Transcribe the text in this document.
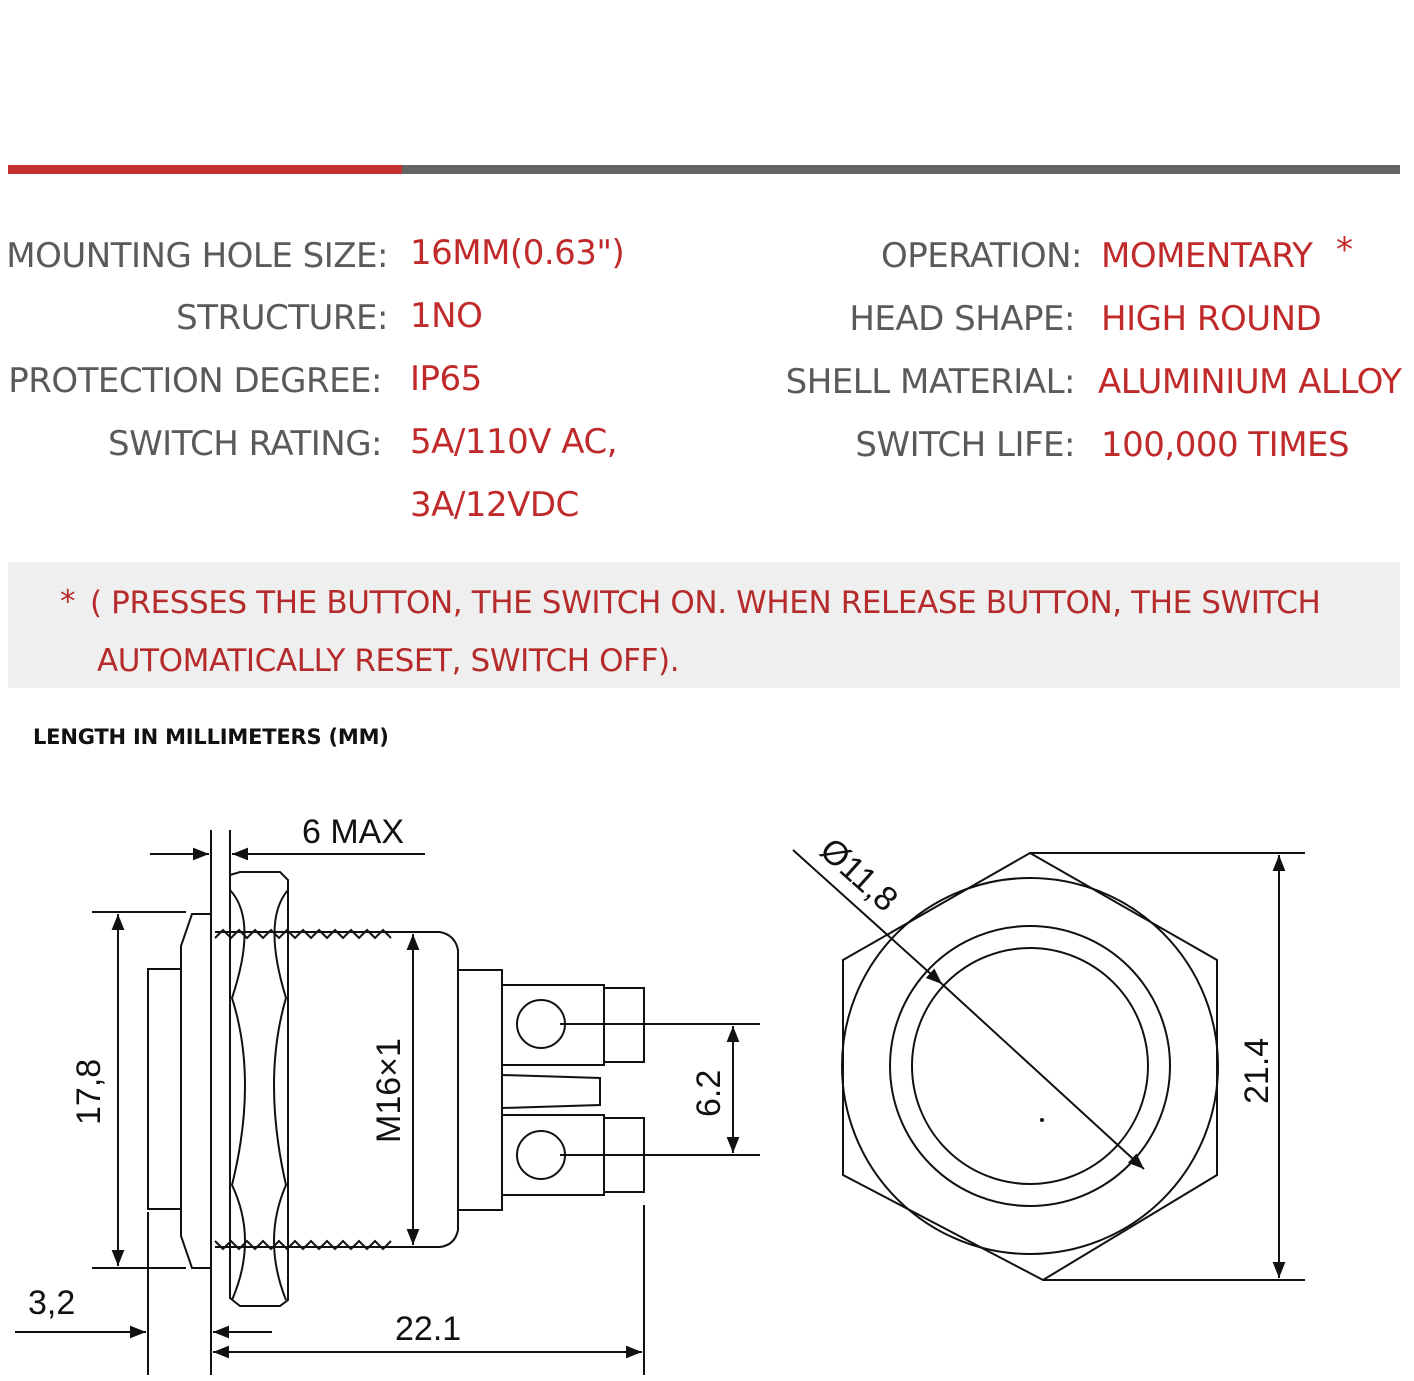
MOUNTING HOLE SIZE: 16MM(0.63")
STRUCTURE: 1NO
PROTECTION DEGREE: IP65
SWITCH RATING: 5A/110V AC,
3A/12VDC
OPERATION: MOMENTARY *
HEAD SHAPE: HIGH ROUND
SHELL MATERIAL: ALUMINIUM ALLOY
SWITCH LIFE: 100,000 TIMES
* ( PRESSES THE BUTTON, THE SWITCH ON. WHEN RELEASE BUTTON, THE SWITCH
AUTOMATICALLY RESET, SWITCH OFF).
LENGTH IN MILLIMETERS (MM)
6 MAX
17,8	M16×1	6.2
3,2
22.1
Ø11,8
21.4
